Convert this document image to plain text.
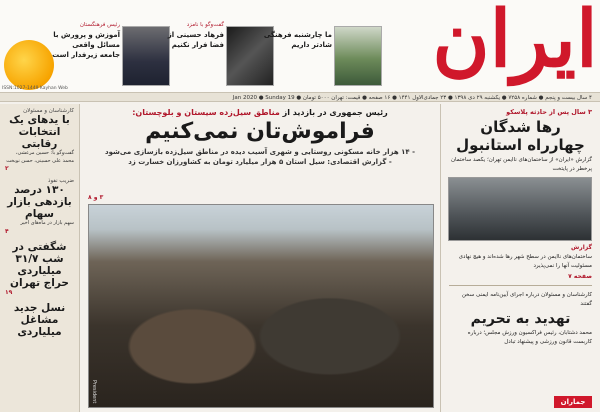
ISSN:1027-1449 Kayhan Web
رئیس فرهنگستان
آموزش و پرورش با مسائل واقعی جامعه زیرفدار است
گفت‌وگو با نامزد
فرهاد حسینی از فضا فرار نکنیم
ما چارشنبه فرهنگی شادتر داریم ایران
۴ سال بیست و پنجم ● شماره ۷۲۵۸ ● یکشنبه ۲۹ دی ۱۳۹۸ ● ۲۳ جمادی‌الاول ۱۴۴۱ ● ۱۶ صفحه ● قیمت: تهران ۵۰۰۰ تومان ● 19 Jan 2020 ● Sunday
۳ سال پس از حادثه پلاسکو
رها شدگان چهارراه استانبول
گزارش «ایران» از ساختمان‌های ناایمن تهران؛ یکصد ساختمان پرخطر در پایتخت
گزارش
ساختمان‌های ناایمن در سطح شهر رها شده‌اند و هیچ نهادی مسئولیت آنها را نمی‌پذیرد
صفحه ۷
کارشناسان و مسئولان درباره اجرای آیین‌نامه ایمنی سخن گفتند
تهدید به تحریم
محمد دشتابان، رئیس فراکسیون ورزش مجلس؛ درباره کاربست قانون ورزشی و پیشنهاد تبادل
رئیس جمهوری در بازدید از مناطق سیل‌زده سیستان و بلوچستان:
فراموش‌تان نمی‌کنیم
- ۱۴ هزار خانه مسکونی روستایی و شهری آسیب دیده در مناطق سیل‌زده بازسازی می‌شود
- گزارش اقتصادی: سیل استان ۵ هزار میلیارد تومان به کشاورزان خسارت زد
۳ و ۸
President
کارشناسان و مسئولان
با یدهای یک انتخابات رقابتی
گفت‌وگو با: حسین مرعشی، محمد علی حسینی، حسن نوبخت
۲
ضریب نفوذ
۱۳۰ درصد بازدهی بازار سهام
سهم بازار در ماه‌های اخیر
۴
شگفتی در شب ۳۱/۷ میلیاردی حراج تهران
۱۹
نسل جدید مشاغل میلیاردی
جماران
